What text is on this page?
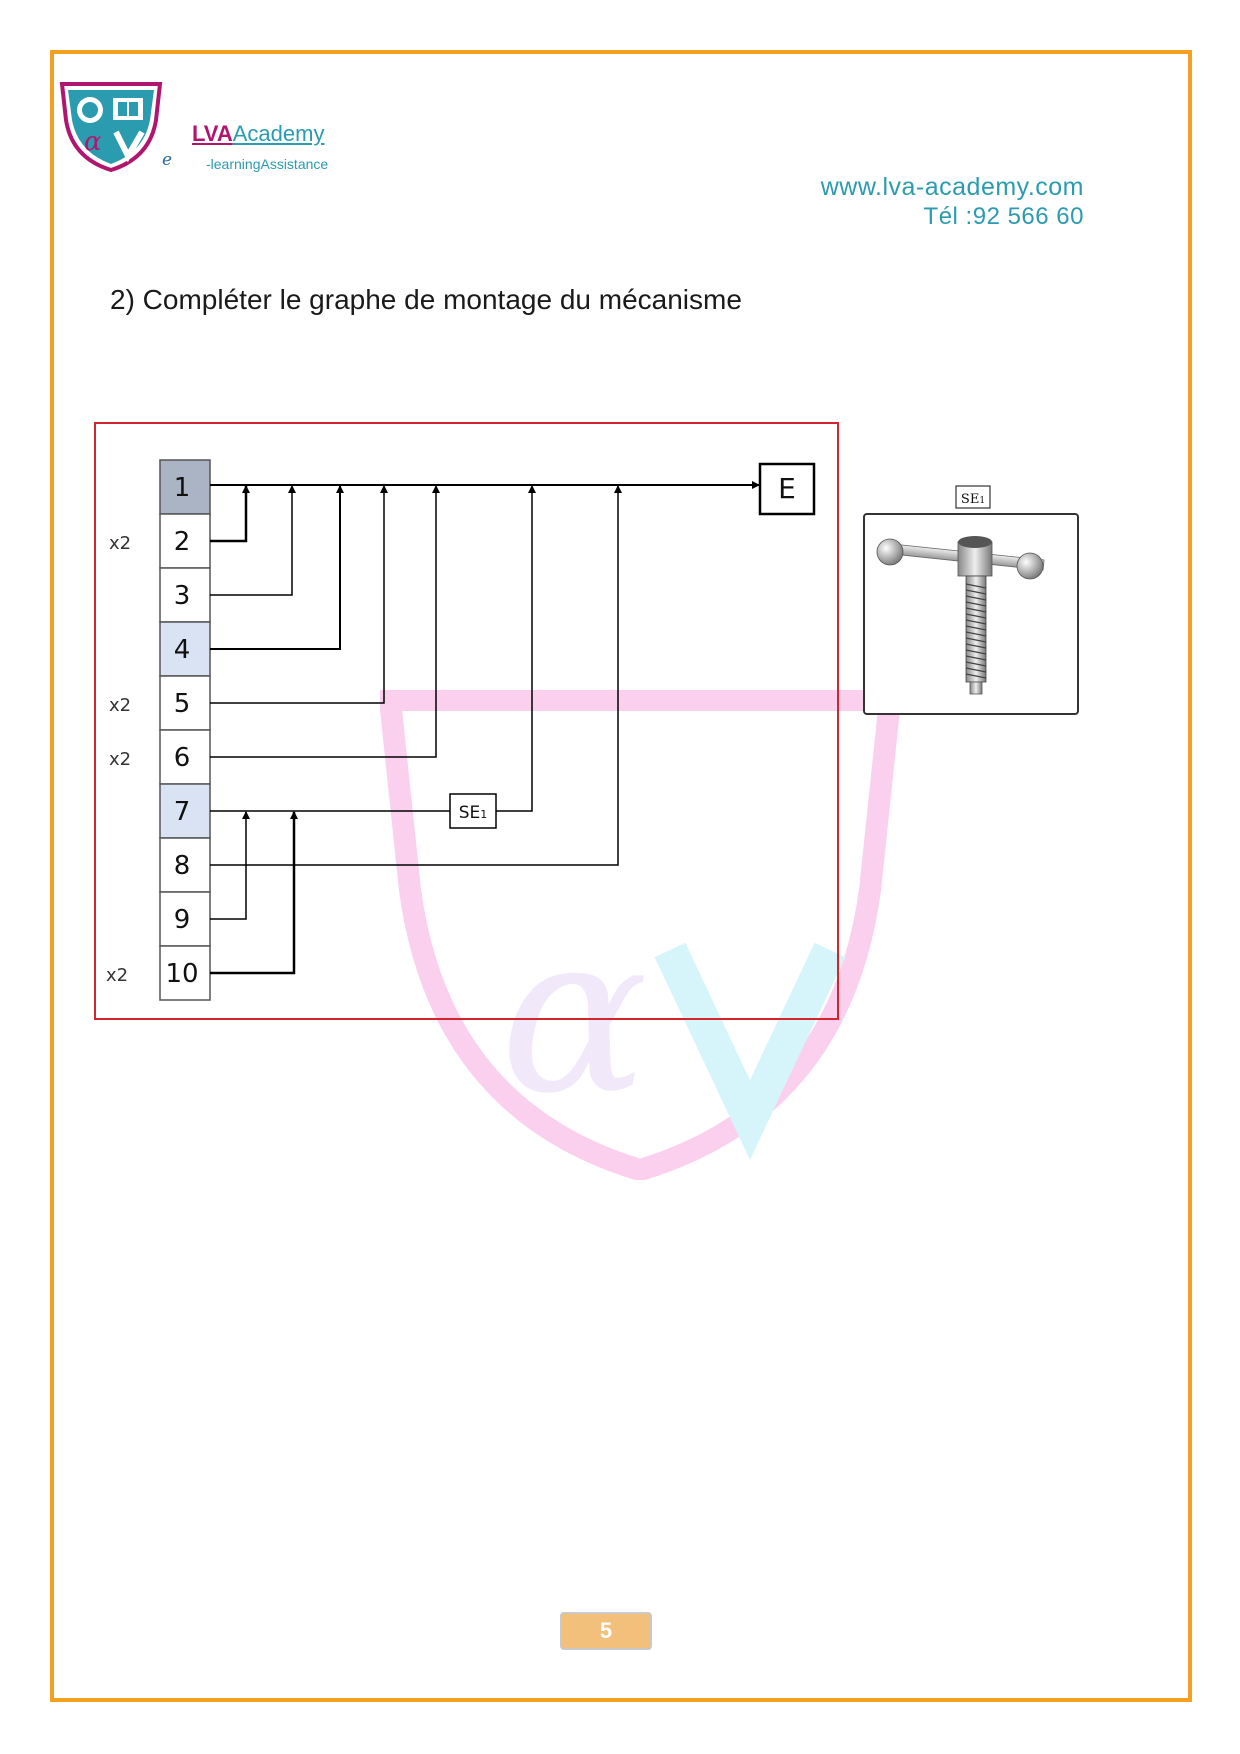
α	LVAAcademy
e -learningAssistance
www.lva-academy.com
Tél :92 566 60
2) Compléter le graphe de montage du mécanisme
α
1
2
3
4
5
6
7
8
9
10
x2
x2
x2
x2
E
SE1
SE1
5
